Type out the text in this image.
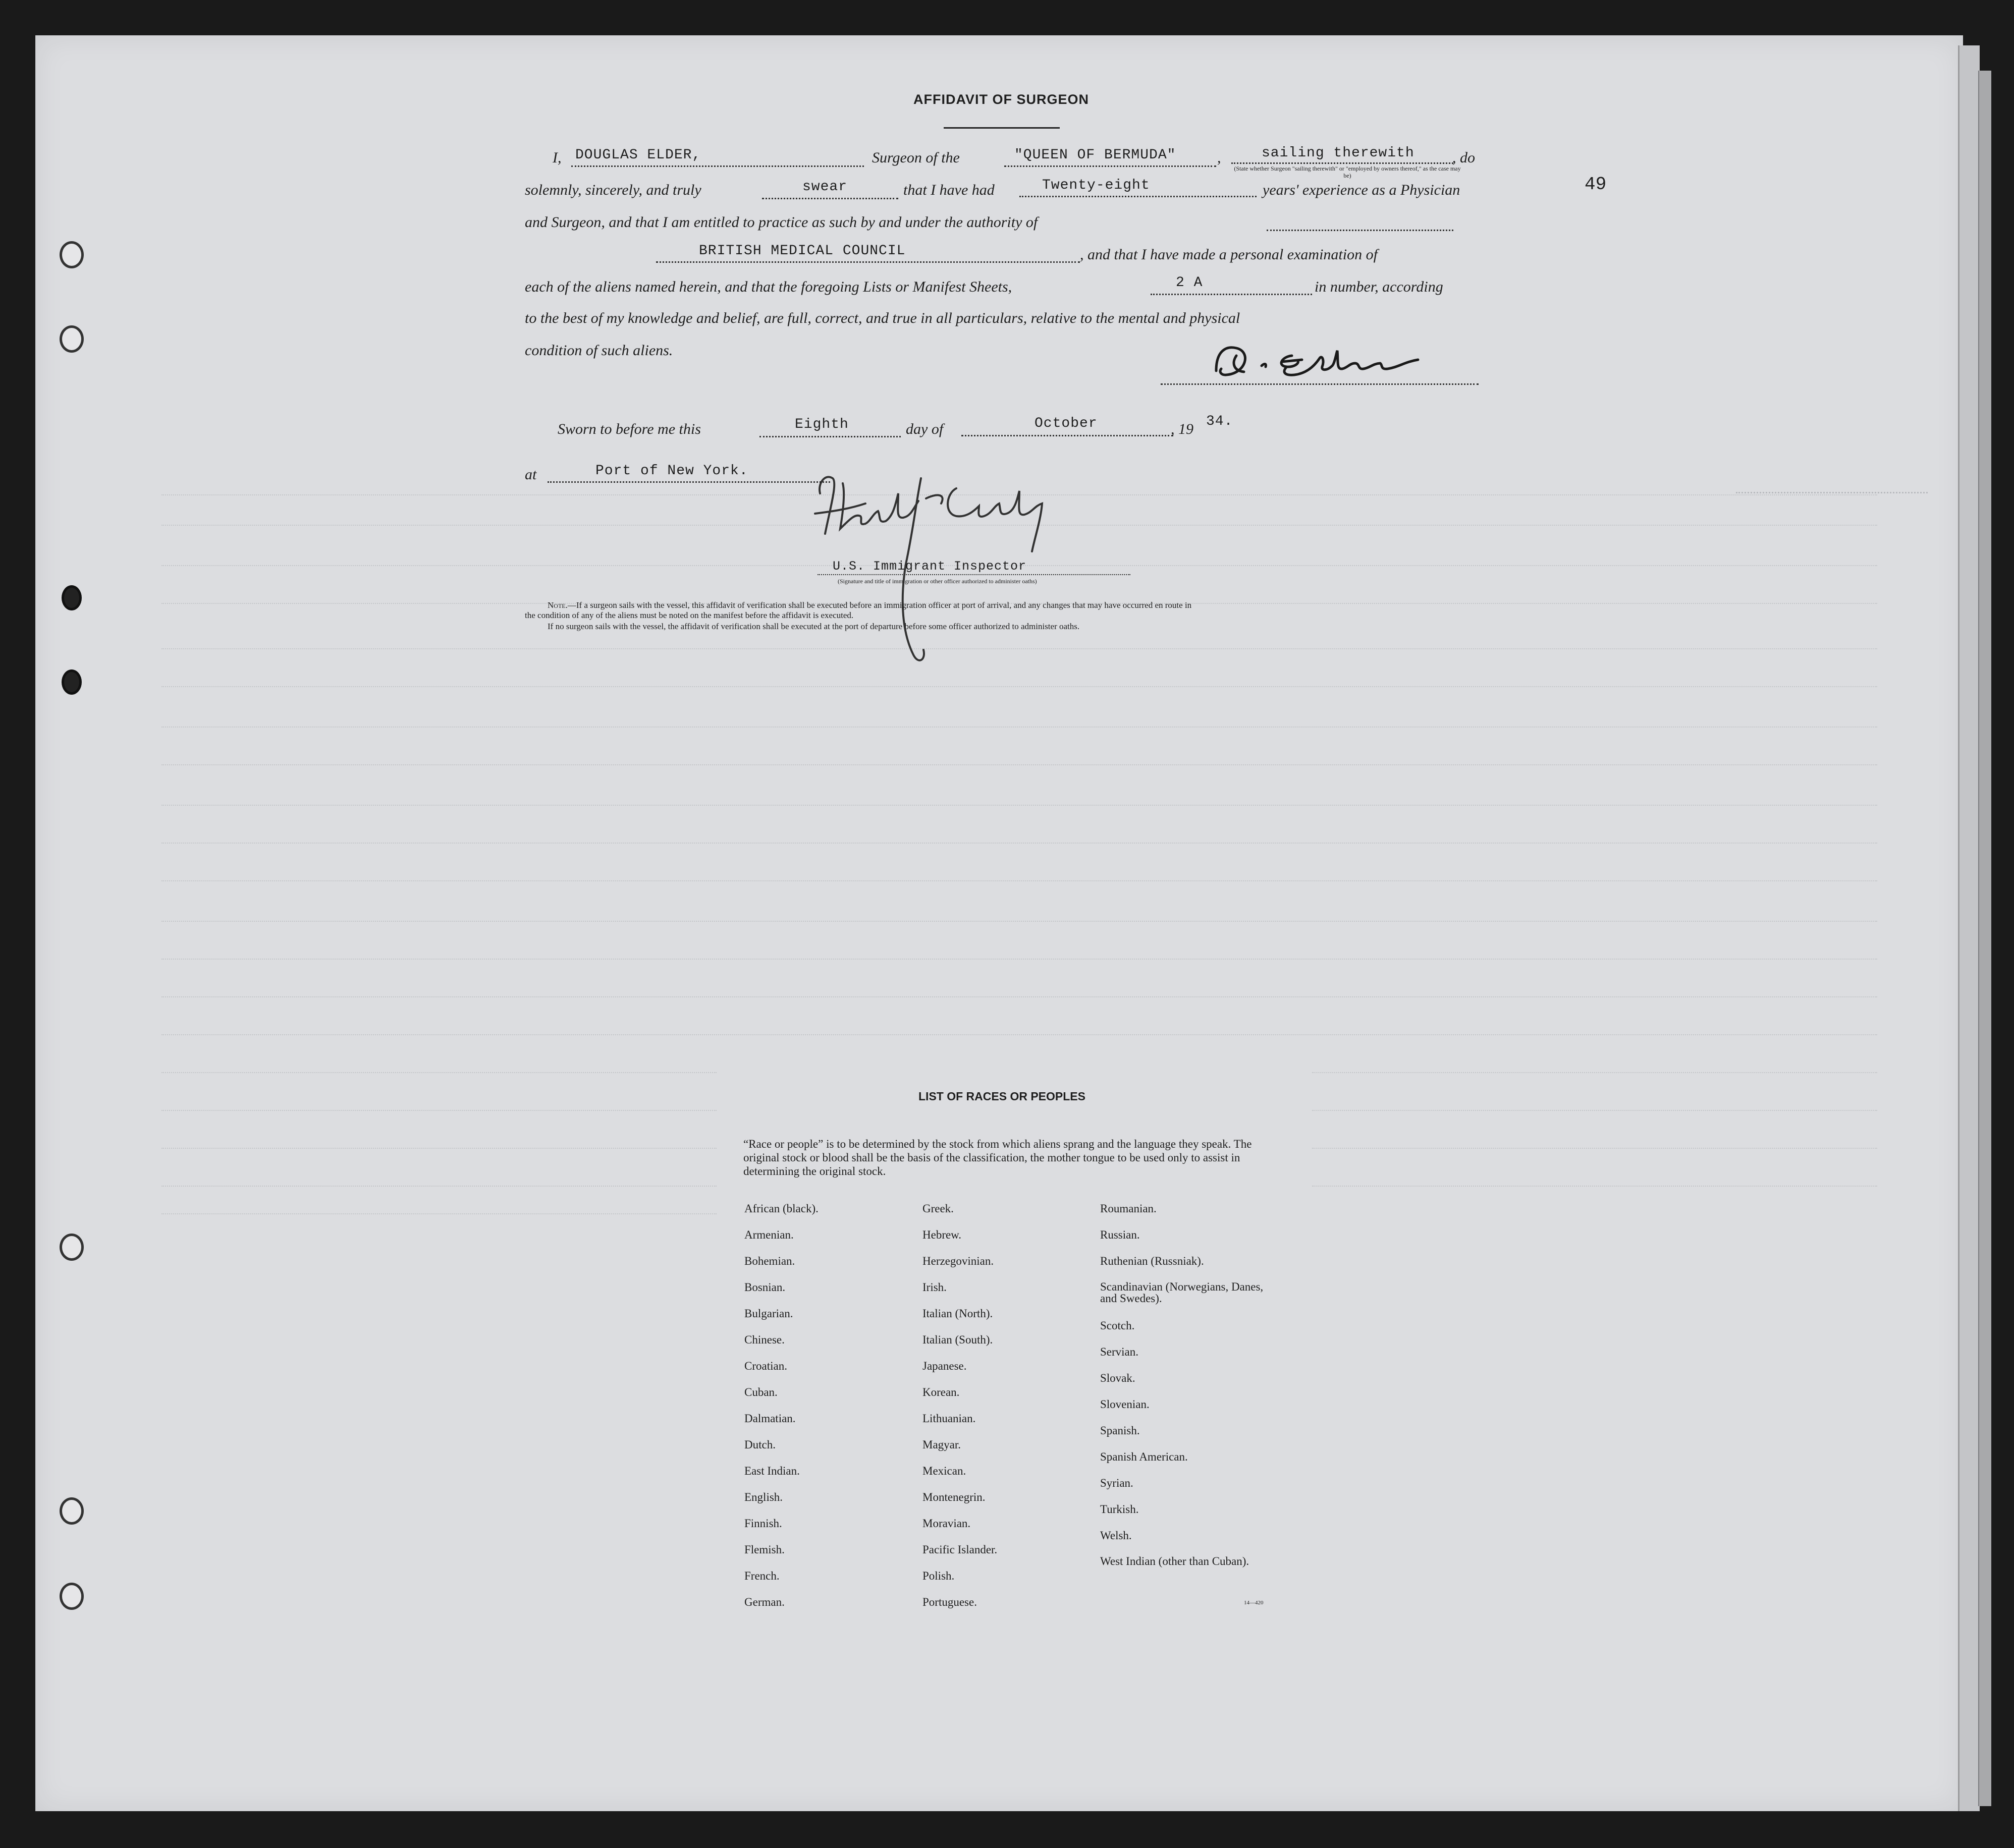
49
AFFIDAVIT OF SURGEON
I, DOUGLAS ELDER,	Surgeon of the	"QUEEN OF BERMUDA"	,	sailing therewith	, do
(State whether Surgeon "sailing therewith" or "employed by owners thereof," as the case may be)
solemnly, sincerely, and truly	swear	that I have had	Twenty-eight	years' experience as a Physician
and Surgeon, and that I am entitled to practice as such by and under the authority of
BRITISH MEDICAL COUNCIL	, and that I have made a personal examination of
each of the aliens named herein, and that the foregoing Lists or Manifest Sheets,	2 A	in number, according
to the best of my knowledge and belief, are full, correct, and true in all particulars, relative to the mental and physical
condition of such aliens.
Sworn to before me this	Eighth	day of	October	, 19 34.
at	Port of New York.
U.S. Immigrant Inspector
(Signature and title of immigration or other officer authorized to administer oaths)
Note.—If a surgeon sails with the vessel, this affidavit of verification shall be executed before an immigration officer at port of arrival, and any changes that may have occurred en route in
the condition of any of the aliens must be noted on the manifest before the affidavit is executed.
If no surgeon sails with the vessel, the affidavit of verification shall be executed at the port of departure before some officer authorized to administer oaths.
LIST OF RACES OR PEOPLES
“Race or people” is to be determined by the stock from which aliens sprang and the language they speak. The original stock or blood shall be the basis of the classification, the mother tongue to be used only to assist in determining the original stock.
African (black).
Armenian.
Bohemian.
Bosnian.
Bulgarian.
Chinese.
Croatian.
Cuban.
Dalmatian.
Dutch.
East Indian.
English.
Finnish.
Flemish.
French.
German.
Greek.
Hebrew.
Herzegovinian.
Irish.
Italian (North).
Italian (South).
Japanese.
Korean.
Lithuanian.
Magyar.
Mexican.
Montenegrin.
Moravian.
Pacific Islander.
Polish.
Portuguese.
Roumanian.
Russian.
Ruthenian (Russniak).
Scandinavian (Norwegians, Danes, and Swedes).
Scotch.
Servian.
Slovak.
Slovenian.
Spanish.
Spanish American.
Syrian.
Turkish.
Welsh.
West Indian (other than Cuban).
14—420
